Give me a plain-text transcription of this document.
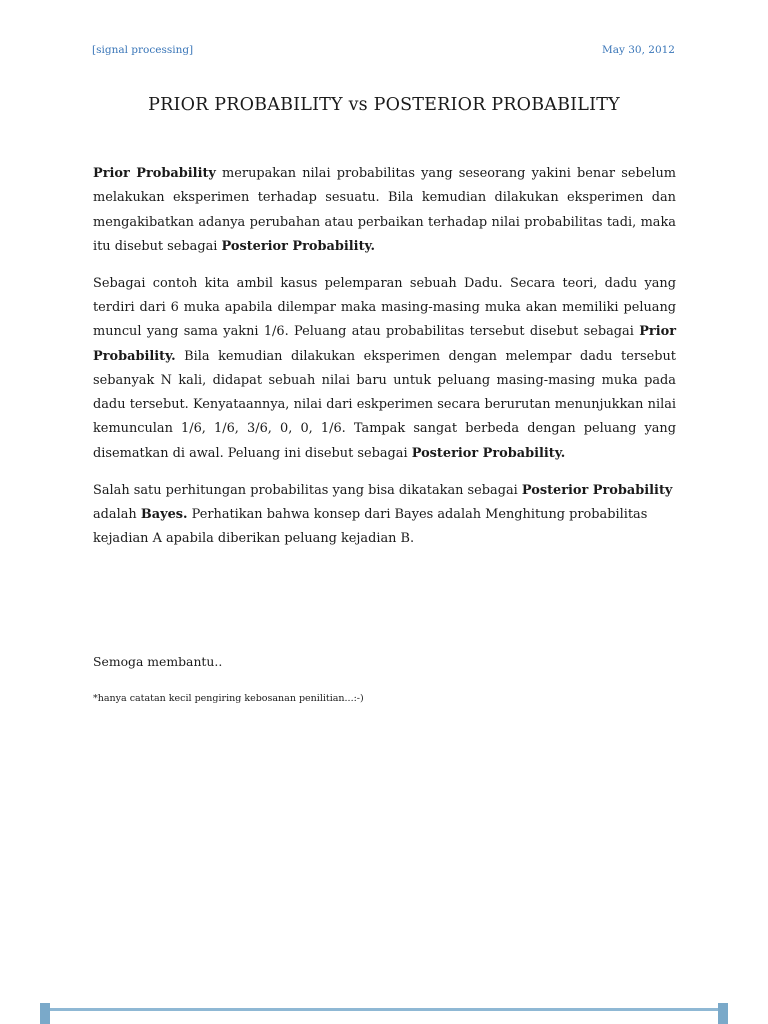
[signal processing]	May 30, 2012
PRIOR PROBABILITY vs POSTERIOR PROBABILITY

Prior Probability merupakan nilai probabilitas yang seseorang yakini benar sebelum melakukan eksperimen terhadap sesuatu. Bila kemudian dilakukan eksperimen dan mengakibatkan adanya perubahan atau perbaikan terhadap nilai probabilitas tadi, maka itu disebut sebagai Posterior Probability.

Sebagai contoh kita ambil kasus pelemparan sebuah Dadu. Secara teori, dadu yang terdiri dari 6 muka apabila dilempar maka masing-masing muka akan memiliki peluang muncul yang sama yakni 1/6. Peluang atau probabilitas tersebut disebut sebagai Prior Probability. Bila kemudian dilakukan eksperimen dengan melempar dadu tersebut sebanyak N kali, didapat sebuah nilai baru untuk peluang masing-masing muka pada dadu tersebut. Kenyataannya, nilai dari eskperimen secara berurutan menunjukkan nilai kemunculan 1/6, 1/6, 3/6, 0, 0, 1/6. Tampak sangat berbeda dengan peluang yang disematkan di awal. Peluang ini disebut sebagai Posterior Probability.

Salah satu perhitungan probabilitas yang bisa dikatakan sebagai Posterior Probability adalah Bayes. Perhatikan bahwa konsep dari Bayes adalah Menghitung probabilitas kejadian A apabila diberikan peluang kejadian B.

Semoga membantu..
*hanya catatan kecil pengiring kebosanan penilitian...:-)
